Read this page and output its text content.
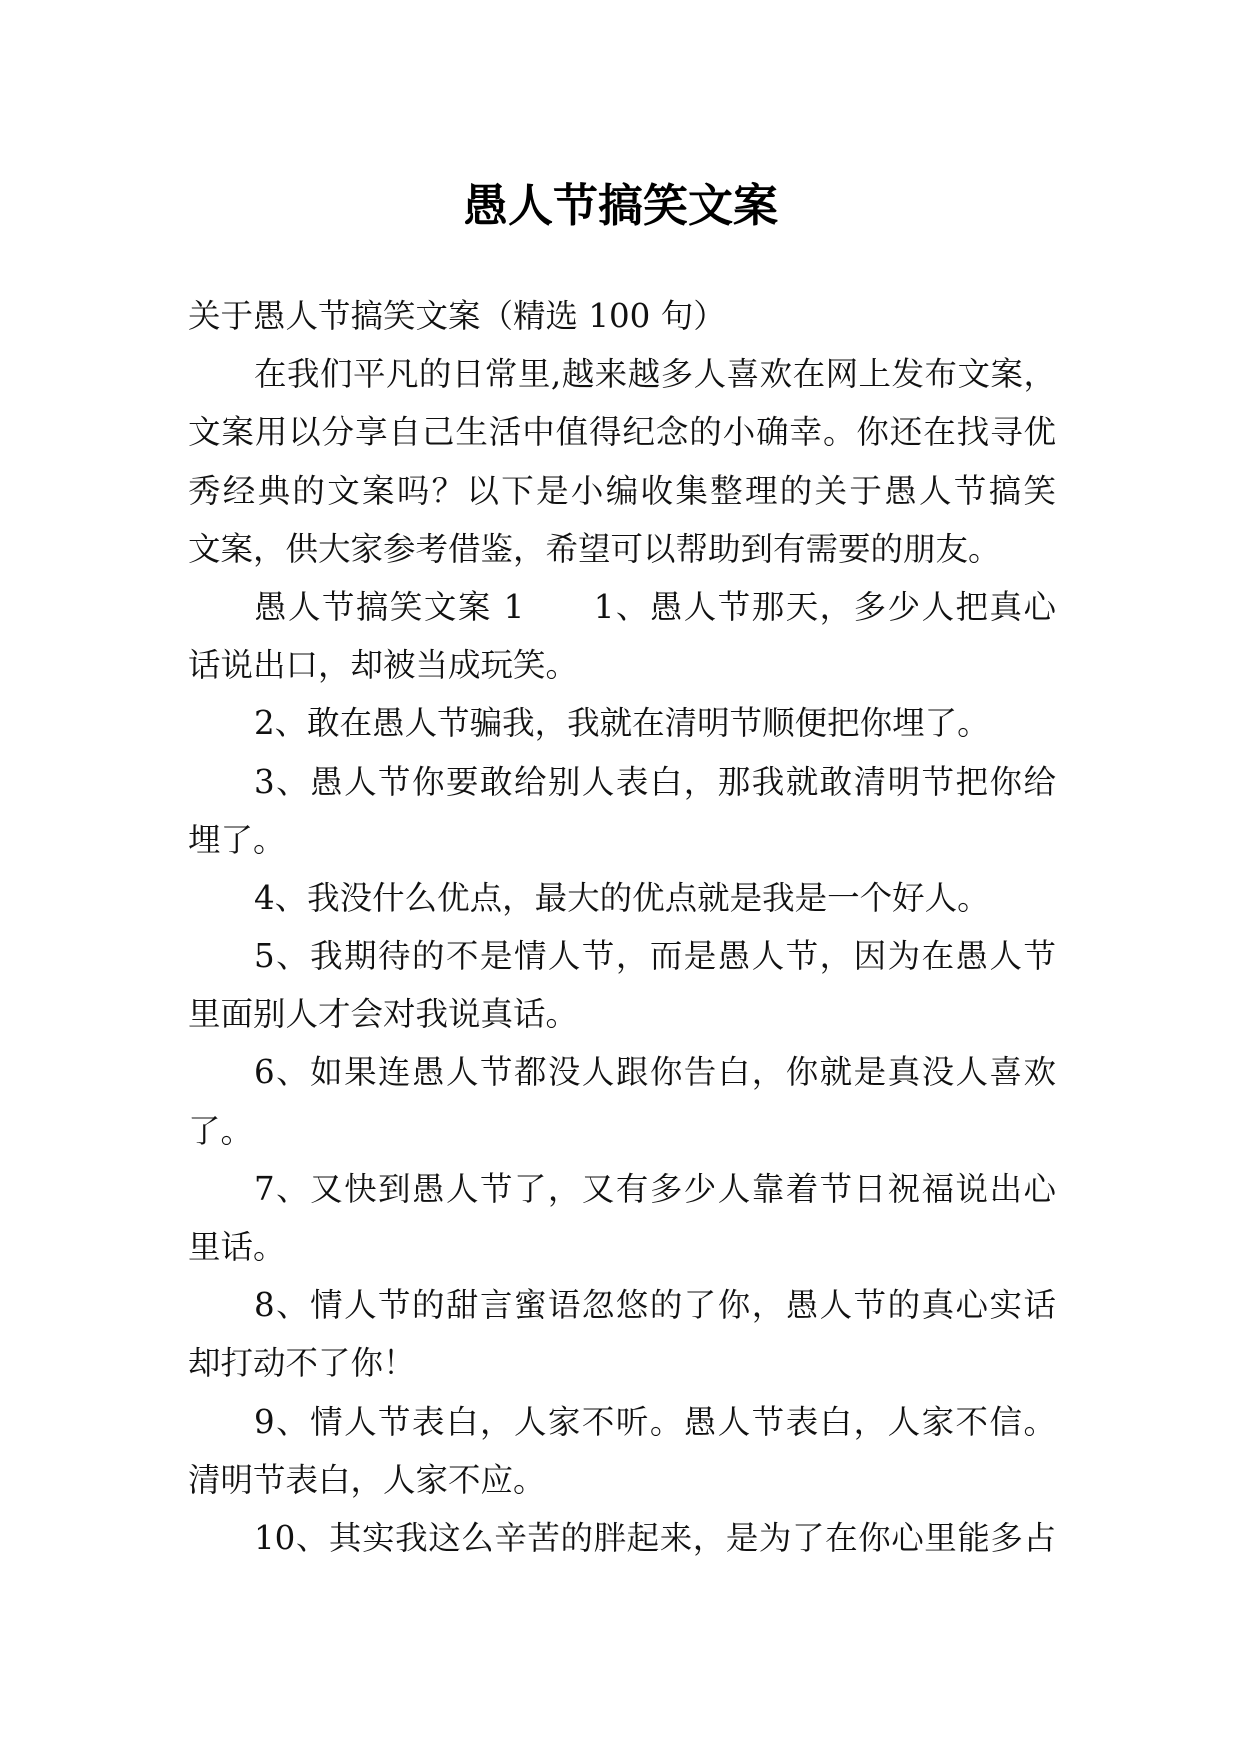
愚人节搞笑文案
关于愚人节搞笑文案（精选 100 句）
在我们平凡的日常里,越来越多人喜欢在网上发布文案，
文案用以分享自己生活中值得纪念的小确幸。你还在找寻优
秀经典的文案吗？以下是小编收集整理的关于愚人节搞笑
文案，供大家参考借鉴，希望可以帮助到有需要的朋友。
愚人节搞笑文案 1　　1、愚人节那天，多少人把真心
话说出口，却被当成玩笑。
2、敢在愚人节骗我，我就在清明节顺便把你埋了。
3、愚人节你要敢给别人表白，那我就敢清明节把你给
埋了。
4、我没什么优点，最大的优点就是我是一个好人。
5、我期待的不是情人节，而是愚人节，因为在愚人节
里面别人才会对我说真话。
6、如果连愚人节都没人跟你告白，你就是真没人喜欢
了。
7、又快到愚人节了，又有多少人靠着节日祝福说出心
里话。
8、情人节的甜言蜜语忽悠的了你，愚人节的真心实话
却打动不了你！
9、情人节表白，人家不听。愚人节表白，人家不信。
清明节表白，人家不应。
10、其实我这么辛苦的胖起来，是为了在你心里能多占
